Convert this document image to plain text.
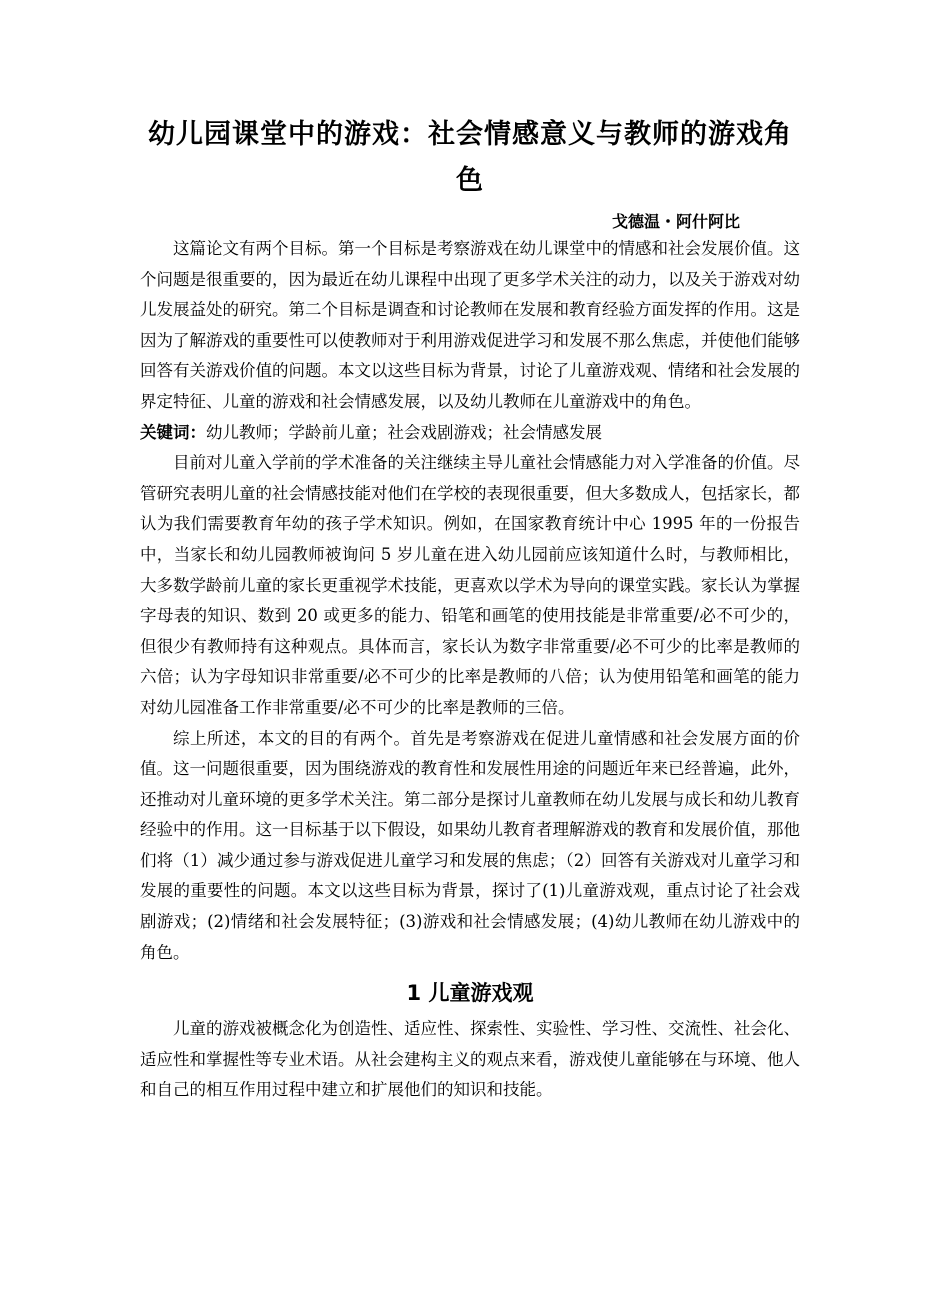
幼儿园课堂中的游戏：社会情感意义与教师的游戏角色
戈德温・阿什阿比

这篇论文有两个目标。第一个目标是考察游戏在幼儿课堂中的情感和社会发展价值。这个问题是很重要的，因为最近在幼儿课程中出现了更多学术关注的动力，以及关于游戏对幼儿发展益处的研究。第二个目标是调查和讨论教师在发展和教育经验方面发挥的作用。这是因为了解游戏的重要性可以使教师对于利用游戏促进学习和发展不那么焦虑，并使他们能够回答有关游戏价值的问题。本文以这些目标为背景，讨论了儿童游戏观、情绪和社会发展的界定特征、儿童的游戏和社会情感发展，以及幼儿教师在儿童游戏中的角色。

关键词：幼儿教师；学龄前儿童；社会戏剧游戏；社会情感发展

目前对儿童入学前的学术准备的关注继续主导儿童社会情感能力对入学准备的价值。尽管研究表明儿童的社会情感技能对他们在学校的表现很重要，但大多数成人，包括家长，都认为我们需要教育年幼的孩子学术知识。例如，在国家教育统计中心 1995 年的一份报告中，当家长和幼儿园教师被询问 5 岁儿童在进入幼儿园前应该知道什么时，与教师相比，大多数学龄前儿童的家长更重视学术技能，更喜欢以学术为导向的课堂实践。家长认为掌握字母表的知识、数到 20 或更多的能力、铅笔和画笔的使用技能是非常重要/必不可少的，但很少有教师持有这种观点。具体而言，家长认为数字非常重要/必不可少的比率是教师的六倍；认为字母知识非常重要/必不可少的比率是教师的八倍；认为使用铅笔和画笔的能力对幼儿园准备工作非常重要/必不可少的比率是教师的三倍。

综上所述，本文的目的有两个。首先是考察游戏在促进儿童情感和社会发展方面的价值。这一问题很重要，因为围绕游戏的教育性和发展性用途的问题近年来已经普遍，此外，还推动对儿童环境的更多学术关注。第二部分是探讨儿童教师在幼儿发展与成长和幼儿教育经验中的作用。这一目标基于以下假设，如果幼儿教育者理解游戏的教育和发展价值，那他们将（1）减少通过参与游戏促进儿童学习和发展的焦虑；（2）回答有关游戏对儿童学习和发展的重要性的问题。本文以这些目标为背景，探讨了(1)儿童游戏观，重点讨论了社会戏剧游戏；(2)情绪和社会发展特征；(3)游戏和社会情感发展；(4)幼儿教师在幼儿游戏中的角色。

1 儿童游戏观

儿童的游戏被概念化为创造性、适应性、探索性、实验性、学习性、交流性、社会化、适应性和掌握性等专业术语。从社会建构主义的观点来看，游戏使儿童能够在与环境、他人和自己的相互作用过程中建立和扩展他们的知识和技能。
